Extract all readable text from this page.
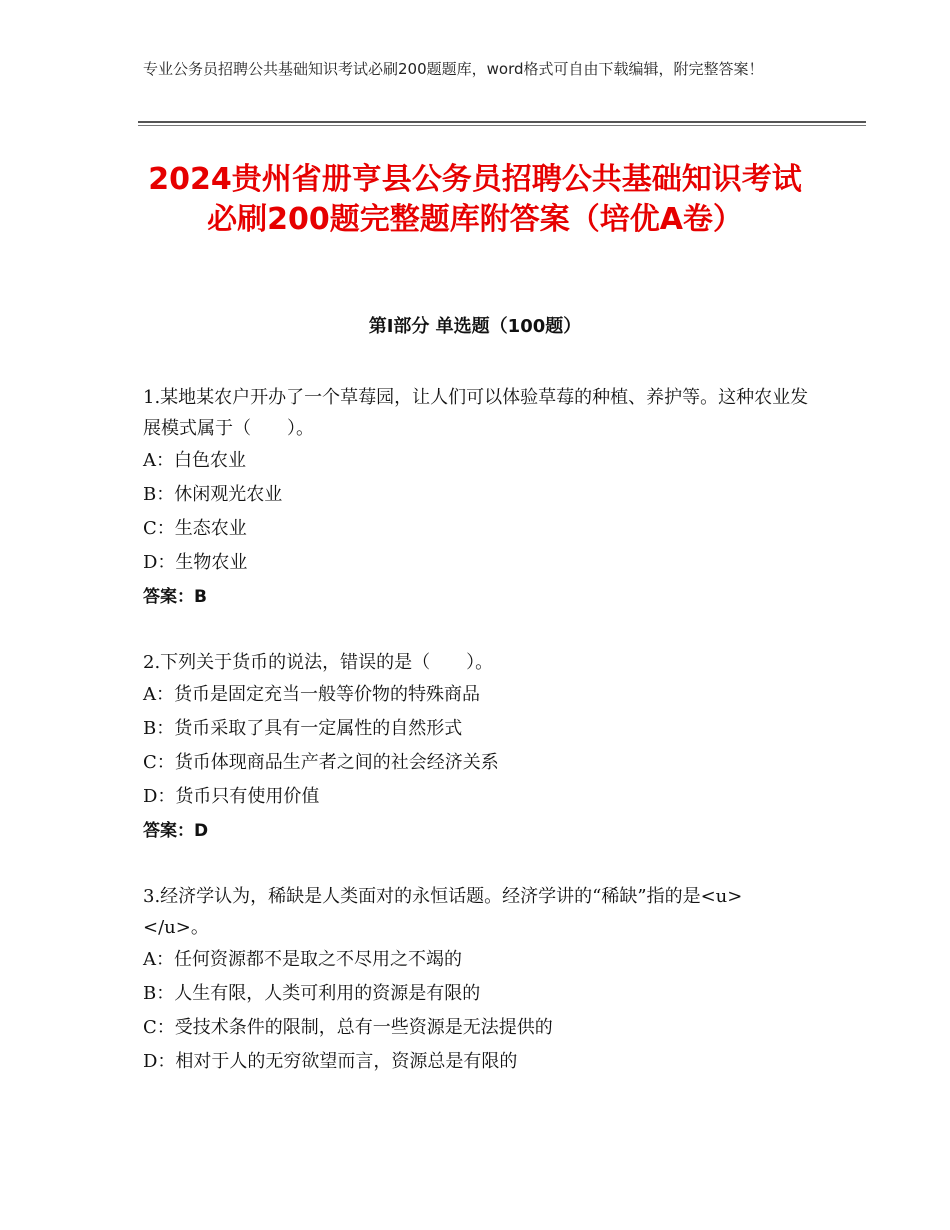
专业公务员招聘公共基础知识考试必刷200题题库，word格式可自由下载编辑，附完整答案！
2024贵州省册亨县公务员招聘公共基础知识考试必刷200题完整题库附答案（培优A卷）
第I部分 单选题（100题）

1.某地某农户开办了一个草莓园，让人们可以体验草莓的种植、养护等。这种农业发展模式属于（　　）。

A：白色农业

B：休闲观光农业

C：生态农业

D：生物农业

答案：B

2.下列关于货币的说法，错误的是（　　）。

A：货币是固定充当一般等价物的特殊商品

B：货币采取了具有一定属性的自然形式

C：货币体现商品生产者之间的社会经济关系

D：货币只有使用价值

答案：D

3.经济学认为，稀缺是人类面对的永恒话题。经济学讲的“稀缺”指的是<u>　　　</u>。

A：任何资源都不是取之不尽用之不竭的

B：人生有限，人类可利用的资源是有限的

C：受技术条件的限制，总有一些资源是无法提供的

D：相对于人的无穷欲望而言，资源总是有限的
